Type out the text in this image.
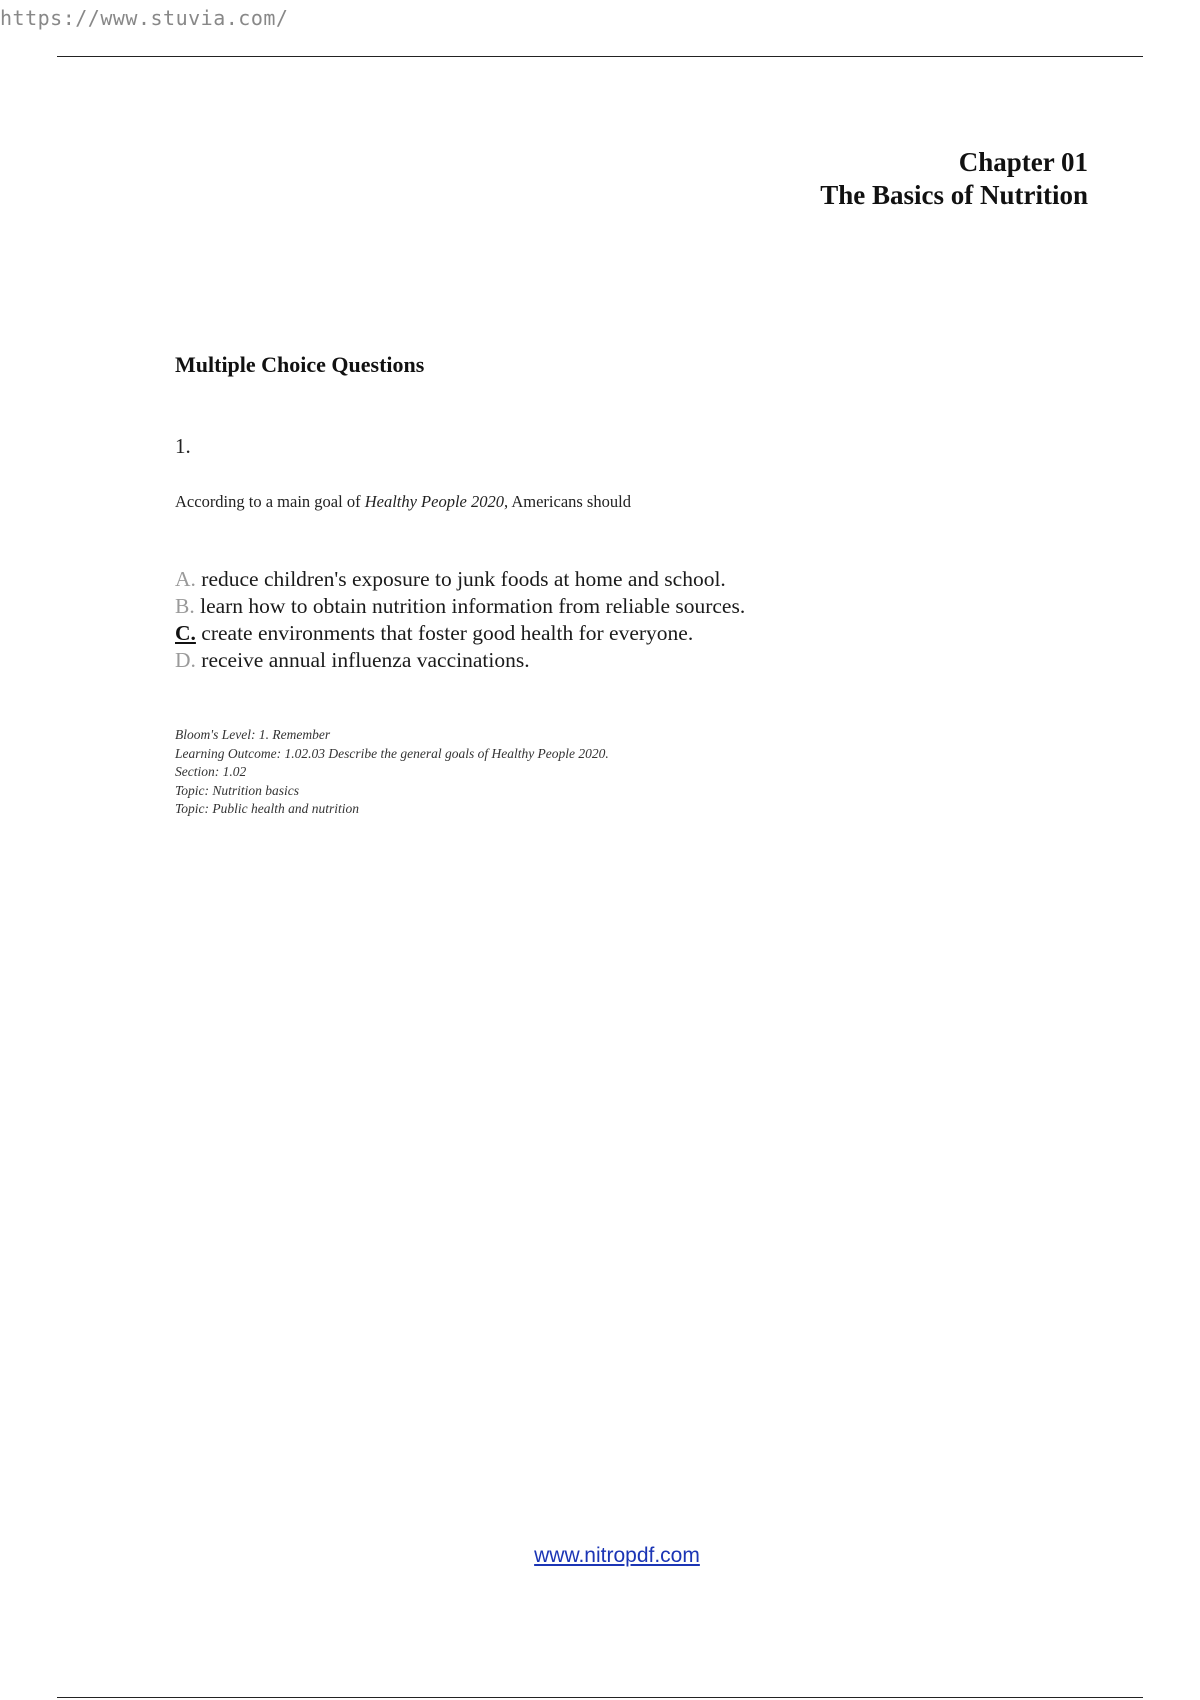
https://www.stuvia.com/
Chapter 01
The Basics of Nutrition
Multiple Choice Questions
1.
According to a main goal of Healthy People 2020, Americans should
A. reduce children's exposure to junk foods at home and school.
B. learn how to obtain nutrition information from reliable sources.
C. create environments that foster good health for everyone.
D. receive annual influenza vaccinations.
Bloom's Level: 1. Remember
Learning Outcome: 1.02.03 Describe the general goals of Healthy People 2020.
Section: 1.02
Topic: Nutrition basics
Topic: Public health and nutrition
www.nitropdf.com
